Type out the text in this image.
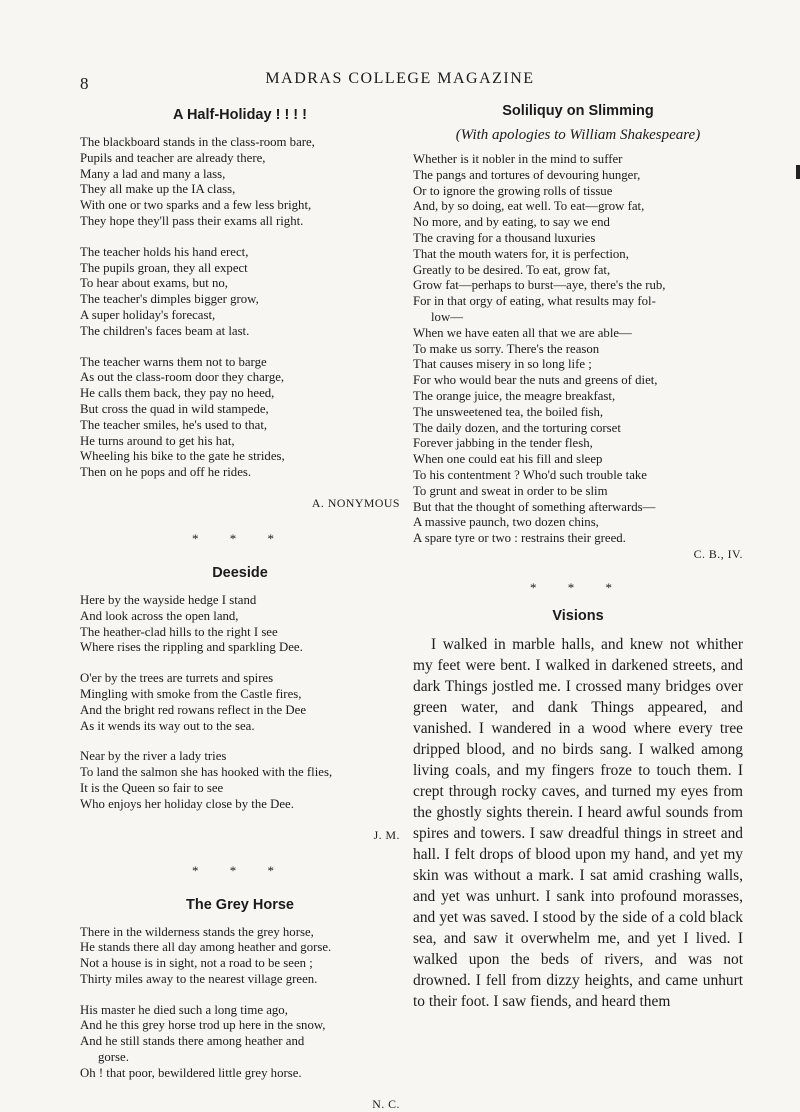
8	MADRAS COLLEGE MAGAZINE
A Half-Holiday ! ! ! !
The blackboard stands in the class-room bare,
Pupils and teacher are already there,
Many a lad and many a lass,
They all make up the IA class,
With one or two sparks and a few less bright,
They hope they'll pass their exams all right.
The teacher holds his hand erect,
The pupils groan, they all expect
To hear about exams, but no,
The teacher's dimples bigger grow,
A super holiday's forecast,
The children's faces beam at last.
The teacher warns them not to barge
As out the class-room door they charge,
He calls them back, they pay no heed,
But cross the quad in wild stampede,
The teacher smiles, he's used to that,
He turns around to get his hat,
Wheeling his bike to the gate he strides,
Then on he pops and off he rides.
A. NONYMOUS
* * *
Deeside
Here by the wayside hedge I stand
And look across the open land,
The heather-clad hills to the right I see
Where rises the rippling and sparkling Dee.
O'er by the trees are turrets and spires
Mingling with smoke from the Castle fires,
And the bright red rowans reflect in the Dee
As it wends its way out to the sea.
Near by the river a lady tries
To land the salmon she has hooked with the flies,
It is the Queen so fair to see
Who enjoys her holiday close by the Dee.
J. M.
* * *
The Grey Horse
There in the wilderness stands the grey horse,
He stands there all day among heather and gorse.
Not a house is in sight, not a road to be seen ;
Thirty miles away to the nearest village green.
His master he died such a long time ago,
And he this grey horse trod up here in the snow,
And he still stands there among heather and
gorse.
Oh ! that poor, bewildered little grey horse.
N. C.
Soliliquy on Slimming
(With apologies to William Shakespeare)
Whether is it nobler in the mind to suffer
The pangs and tortures of devouring hunger,
Or to ignore the growing rolls of tissue
And, by so doing, eat well. To eat—grow fat,
No more, and by eating, to say we end
The craving for a thousand luxuries
That the mouth waters for, it is perfection,
Greatly to be desired. To eat, grow fat,
Grow fat—perhaps to burst—aye, there's the rub,
For in that orgy of eating, what results may fol-
low—
When we have eaten all that we are able—
To make us sorry. There's the reason
That causes misery in so long life ;
For who would bear the nuts and greens of diet,
The orange juice, the meagre breakfast,
The unsweetened tea, the boiled fish,
The daily dozen, and the torturing corset
Forever jabbing in the tender flesh,
When one could eat his fill and sleep
To his contentment ? Who'd such trouble take
To grunt and sweat in order to be slim
But that the thought of something afterwards—
A massive paunch, two dozen chins,
A spare tyre or two : restrains their greed.
C. B., IV.
* * *
Visions

I walked in marble halls, and knew not whither my feet were bent. I walked in darkened streets, and dark Things jostled me. I crossed many bridges over green water, and dank Things appeared, and vanished. I wandered in a wood where every tree dripped blood, and no birds sang. I walked among living coals, and my fingers froze to touch them. I crept through rocky caves, and turned my eyes from the ghostly sights therein. I heard awful sounds from spires and towers. I saw dreadful things in street and hall. I felt drops of blood upon my hand, and yet my skin was without a mark. I sat amid crashing walls, and yet was unhurt. I sank into profound morasses, and yet was saved. I stood by the side of a cold black sea, and saw it overwhelm me, and yet I lived. I walked upon the beds of rivers, and was not drowned. I fell from dizzy heights, and came unhurt to their foot. I saw fiends, and heard them
